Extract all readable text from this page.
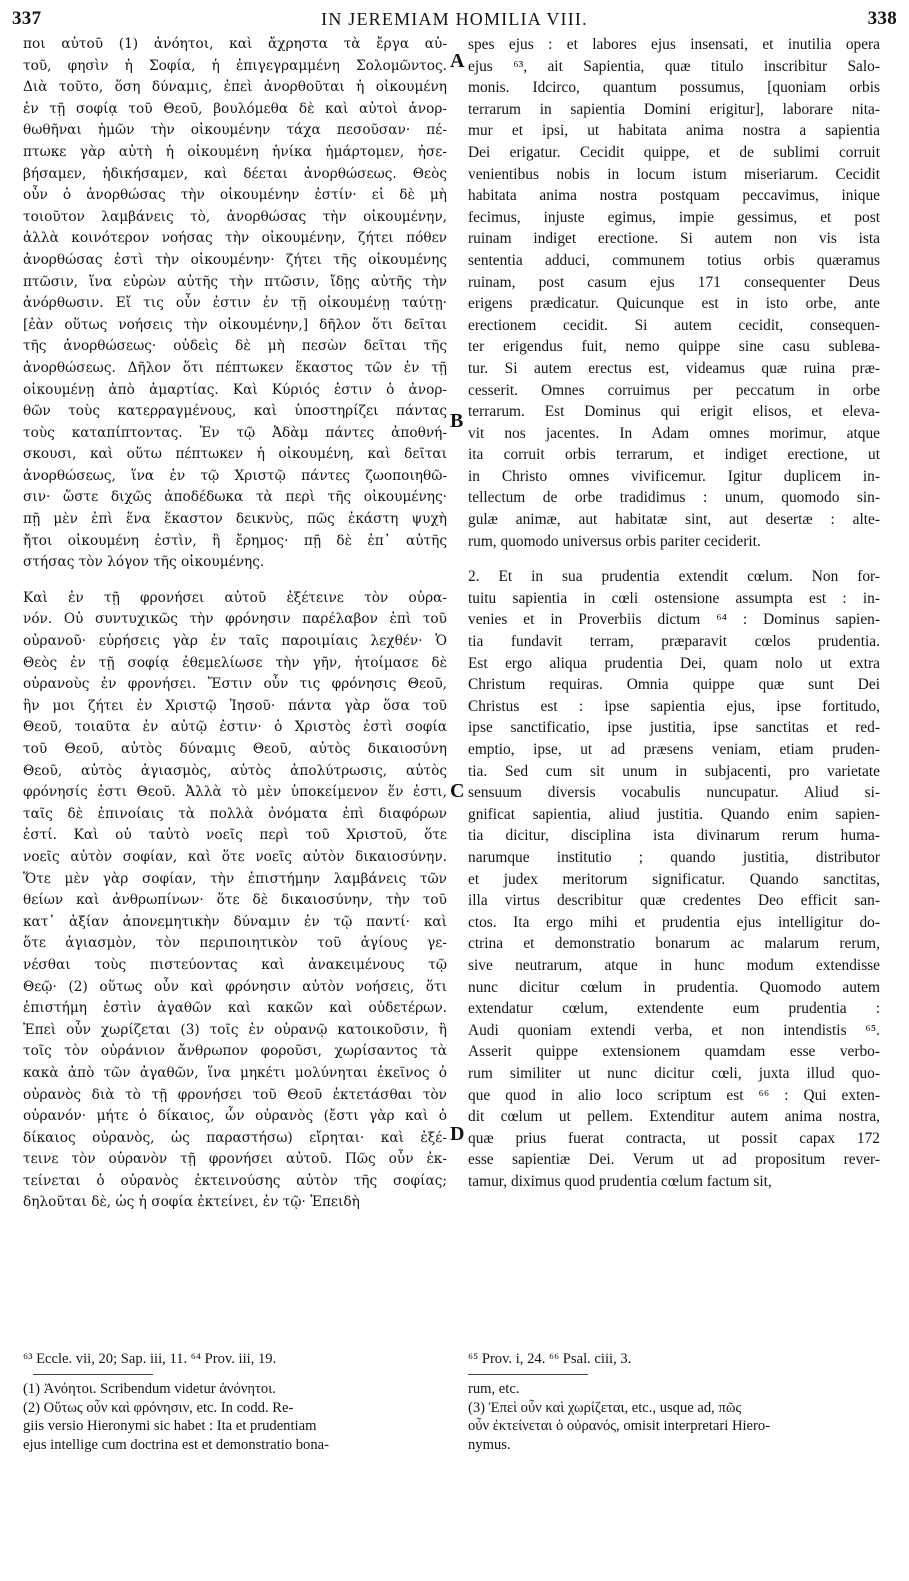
337	IN JEREMIAM HOMILIA VIII.	338
ποι αὐτοῦ (1) ἀνόητοι, καὶ ἄχρηστα τὰ ἔργα αὐ-
τοῦ, φησὶν ἡ Σοφία, ἡ ἐπιγεγραμμένη Σολομῶντος.
Διὰ τοῦτο, ὅση δύναμις, ἐπεὶ ἀνορθοῦται ἡ οἰκουμένη
ἐν τῇ σοφίᾳ τοῦ Θεοῦ, βουλόμεθα δὲ καὶ αὐτοὶ ἀνορ-
θωθῆναι ἡμῶν τὴν οἰκουμένην τάχα πεσοῦσαν· πέ-
πτωκε γὰρ αὐτὴ ἡ οἰκουμένη ἡνίκα ἡμάρτομεν, ἠσε-
βήσαμεν, ἠδικήσαμεν, καὶ δέεται ἀνορθώσεως. Θεὸς
οὖν ὁ ἀνορθώσας τὴν οἰκουμένην ἐστίν· εἰ δὲ μὴ
τοιοῦτον λαμβάνεις τὸ, ἀνορθώσας τὴν οἰκουμένην,
ἀλλὰ κοινότερον νοήσας τὴν οἰκουμένην, ζήτει πόθεν
ἀνορθώσας ἐστὶ τὴν οἰκουμένην· ζήτει τῆς οἰκουμένης
πτῶσιν, ἵνα εὑρὼν αὐτῆς τὴν πτῶσιν, ἴδῃς αὐτῆς τὴν
ἀνόρθωσιν. Εἴ τις οὖν ἐστιν ἐν τῇ οἰκουμένῃ ταύτῃ·
[ἐὰν οὕτως νοήσεις τὴν οἰκουμένην,] δῆλον ὅτι δεῖται
τῆς ἀνορθώσεως· οὐδεὶς δὲ μὴ πεσὼν δεῖται τῆς
ἀνορθώσεως. Δῆλον ὅτι πέπτωκεν ἕκαστος τῶν ἐν τῇ
οἰκουμένῃ ἀπὸ ἁμαρτίας. Καὶ Κύριός ἐστιν ὁ ἀνορ-
θῶν τοὺς κατερραγμένους, καὶ ὑποστηρίζει πάντας
τοὺς καταπίπτοντας. Ἐν τῷ Ἀδὰμ πάντες ἀποθνή-
σκουσι, καὶ οὕτω πέπτωκεν ἡ οἰκουμένη, καὶ δεῖται
ἀνορθώσεως, ἵνα ἐν τῷ Χριστῷ πάντες ζωοποιηθῶ-
σιν· ὥστε διχῶς ἀποδέδωκα τὰ περὶ τῆς οἰκουμένης·
πῇ μὲν ἐπὶ ἕνα ἕκαστον δεικνὺς, πῶς ἑκάστη ψυχὴ
ἤτοι οἰκουμένη ἐστὶν, ἢ ἔρημος· πῇ δὲ ἐπ᾽ αὐτῆς
στήσας τὸν λόγον τῆς οἰκουμένης.
Καὶ ἐν τῇ φρονήσει αὐτοῦ ἐξέτεινε τὸν οὐρα-
νόν. Οὐ συντυχικῶς τὴν φρόνησιν παρέλαβον ἐπὶ τοῦ
οὐρανοῦ· εὑρήσεις γὰρ ἐν ταῖς παροιμίαις λεχθέν· Ὁ
Θεὸς ἐν τῇ σοφίᾳ ἐθεμελίωσε τὴν γῆν, ἡτοίμασε δὲ
οὐρανοὺς ἐν φρονήσει. Ἔστιν οὖν τις φρόνησις Θεοῦ,
ἣν μοι ζήτει ἐν Χριστῷ Ἰησοῦ· πάντα γὰρ ὅσα τοῦ
Θεοῦ, τοιαῦτα ἐν αὐτῷ ἐστιν· ὁ Χριστὸς ἐστὶ σοφία
τοῦ Θεοῦ, αὐτὸς δύναμις Θεοῦ, αὐτὸς δικαιοσύνη
Θεοῦ, αὐτὸς ἁγιασμὸς, αὐτὸς ἀπολύτρωσις, αὐτὸς
φρόνησίς ἐστι Θεοῦ. Ἀλλὰ τὸ μὲν ὑποκείμενον ἕν ἐστι,
ταῖς δὲ ἐπινοίαις τὰ πολλὰ ὀνόματα ἐπὶ διαφόρων
ἐστί. Καὶ οὐ ταὐτὸ νοεῖς περὶ τοῦ Χριστοῦ, ὅτε
νοεῖς αὐτὸν σοφίαν, καὶ ὅτε νοεῖς αὐτὸν δικαιοσύνην.
Ὅτε μὲν γὰρ σοφίαν, τὴν ἐπιστήμην λαμβάνεις τῶν
θείων καὶ ἀνθρωπίνων· ὅτε δὲ δικαιοσύνην, τὴν τοῦ
κατ᾽ ἀξίαν ἀπονεμητικὴν δύναμιν ἐν τῷ παντί· καὶ
ὅτε ἁγιασμὸν, τὸν περιποιητικὸν τοῦ ἁγίους γε-
νέσθαι τοὺς πιστεύοντας καὶ ἀνακειμένους τῷ
Θεῷ· (2) οὕτως οὖν καὶ φρόνησιν αὐτὸν νοήσεις, ὅτι
ἐπιστήμη ἐστὶν ἀγαθῶν καὶ κακῶν καὶ οὐδετέρων.
Ἐπεὶ οὖν χωρίζεται (3) τοῖς ἐν οὐρανῷ κατοικοῦσιν, ἢ
τοῖς τὸν οὐράνιον ἄνθρωπον φοροῦσι, χωρίσαντος τὰ
κακὰ ἀπὸ τῶν ἀγαθῶν, ἵνα μηκέτι μολύνηται ἐκεῖνος ὁ
οὐρανὸς διὰ τὸ τῇ φρονήσει τοῦ Θεοῦ ἐκτετάσθαι τὸν
οὐρανόν· μήτε ὁ δίκαιος, ὧν οὐρανὸς (ἔστι γὰρ καὶ ὁ
δίκαιος οὐρανὸς, ὡς παραστήσω) εἴρηται· καὶ ἐξέ-
τεινε τὸν οὐρανὸν τῇ φρονήσει αὐτοῦ. Πῶς οὖν ἐκ-
τείνεται ὁ οὐρανὸς ἐκτεινούσης αὐτὸν τῆς σοφίας;
δηλοῦται δὲ, ὡς ἡ σοφία ἐκτείνει, ἐν τῷ· Ἐπειδὴ
spes ejus : et labores ejus insensati, et inutilia opera
ejus ⁶³, ait Sapientia, quæ titulo inscribitur Salo-
monis. Idcirco, quantum possumus, [quoniam orbis
terrarum in sapientia Domini erigitur], laborare nita-
mur et ipsi, ut habitata anima nostra a sapientia
Dei erigatur. Cecidit quippe, et de sublimi corruit
venientibus nobis in locum istum miseriarum. Cecidit
habitata anima nostra postquam peccavimus, inique
fecimus, injuste egimus, impie gessimus, et post
ruinam indiget erectione. Si autem non vis ista
sententia adduci, communem totius orbis quæramus
ruinam, post casum ejus 171 consequenter Deus
erigens prædicatur. Quicunque est in isto orbe, ante
erectionem cecidit. Si autem cecidit, consequen-
ter erigendus fuit, nemo quippe sine casu sublева-
tur. Si autem erectus est, videamus quæ ruina præ-
cesserit. Omnes corruimus per peccatum in orbe
terrarum. Est Dominus qui erigit elisos, et eleva-
vit nos jacentes. In Adam omnes morimur, atque
ita corruit orbis terrarum, et indiget erectione, ut
in Christo omnes vivificemur. Igitur duplicem in-
tellectum de orbe tradidimus : unum, quomodo sin-
gulæ animæ, aut habitatæ sint, aut desertæ : alte-
rum, quomodo universus orbis pariter ceciderit.
2. Et in sua prudentia extendit cœlum. Non for-
tuitu sapientia in cœli ostensione assumpta est : in-
venies et in Proverbiis dictum ⁶⁴ : Dominus sapien-
tia fundavit terram, præparavit cœlos prudentia.
Est ergo aliqua prudentia Dei, quam nolo ut extra
Christum requiras. Omnia quippe quæ sunt Dei
Christus est : ipse sapientia ejus, ipse fortitudo,
ipse sanctificatio, ipse justitia, ipse sanctitas et red-
emptio, ipse, ut ad præsens veniam, etiam pruden-
tia. Sed cum sit unum in subjacenti, pro varietate
sensuum diversis vocabulis nuncupatur. Aliud si-
gnificat sapientia, aliud justitia. Quando enim sapien-
tia dicitur, disciplina ista divinarum rerum huma-
narumque institutio ; quando justitia, distributor
et judex meritorum significatur. Quando sanctitas,
illa virtus describitur quæ credentes Deo efficit san-
ctos. Ita ergo mihi et prudentia ejus intelligitur do-
ctrina et demonstratio bonarum ac malarum rerum,
sive neutrarum, atque in hunc modum extendisse
nunc dicitur cœlum in prudentia. Quomodo autem
extendatur cœlum, extendente eum prudentia :
Audi quoniam extendi verba, et non intendistis ⁶⁵.
Asserit quippe extensionem quamdam esse verbo-
rum similiter ut nunc dicitur cœli, juxta illud quo-
que quod in alio loco scriptum est ⁶⁶ : Qui exten-
dit cœlum ut pellem. Extenditur autem anima nostra,
quæ prius fuerat contracta, ut possit capax 172
esse sapientiæ Dei. Verum ut ad propositum rever-
tamur, diximus quod prudentia cœlum factum sit,
A
B
C
D
⁶³ Eccle. vii, 20; Sap. iii, 11. ⁶⁴ Prov. iii, 19.
(1) Ἀνόητοι. Scribendum videtur ἀνόνητοι.
(2) Οὕτως οὖν καὶ φρόνησιν, etc. In codd. Re-
giis versio Hieronymi sic habet : Ita et prudentiam
ejus intellige cum doctrina est et demonstratio bona-
⁶⁵ Prov. i, 24. ⁶⁶ Psal. ciii, 3.
rum, etc.
(3) Ἐπεὶ οὖν καὶ χωρίζεται, etc., usque ad, πῶς
οὖν ἐκτείνεται ὁ οὐρανός, omisit interpretari Hiero-
nymus.
